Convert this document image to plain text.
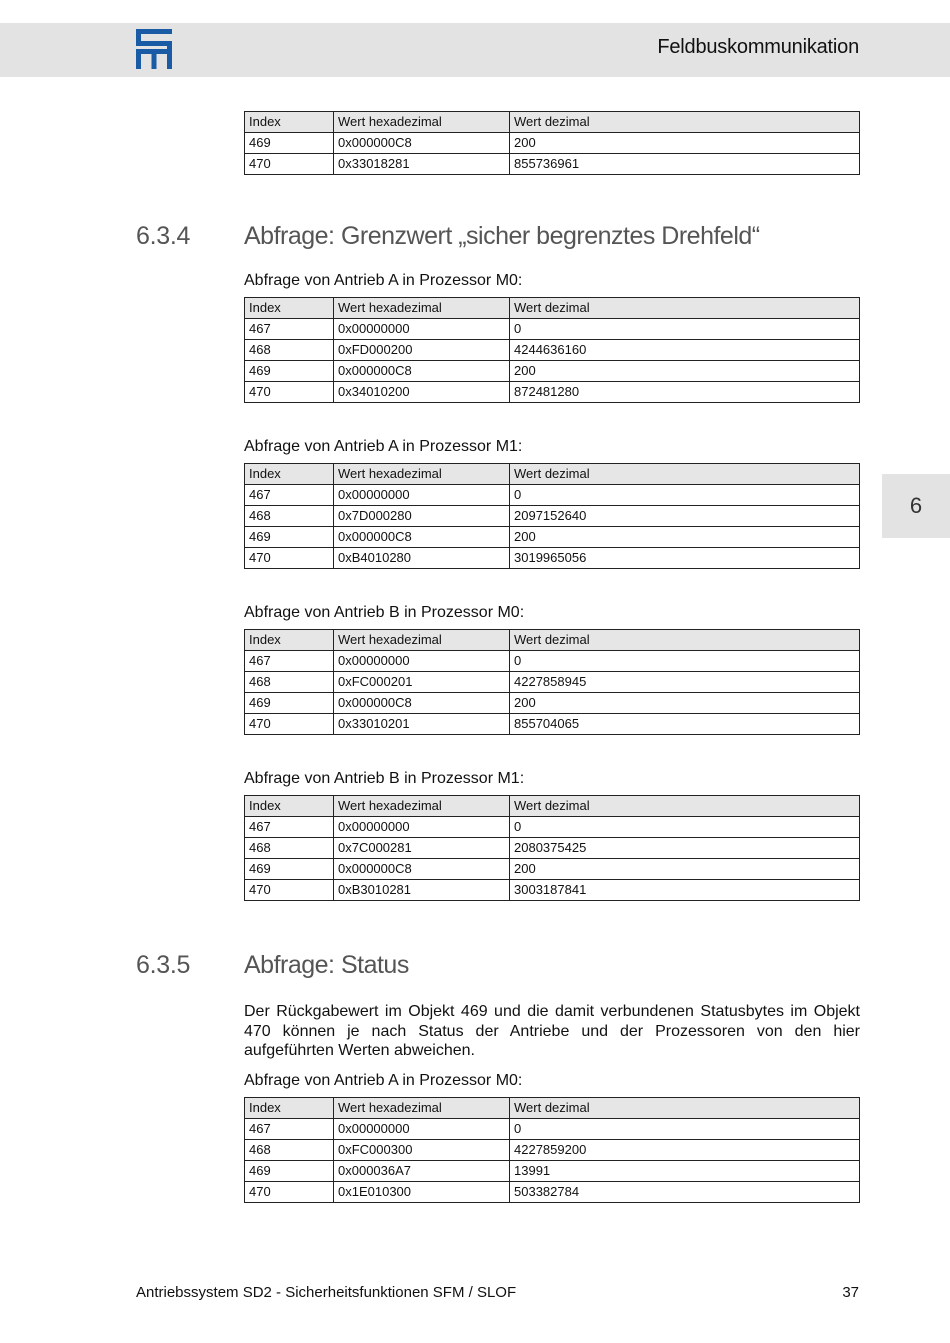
Feldbuskommunikation
6
Index	Wert hexadezimal	Wert dezimal
469	0x000000C8	200
470	0x33018281	855736961
6.3.4 Abfrage: Grenzwert „sicher begrenztes Drehfeld“
Abfrage von Antrieb A in Prozessor M0:
Index	Wert hexadezimal	Wert dezimal
467	0x00000000	0
468	0xFD000200	4244636160
469	0x000000C8	200
470	0x34010200	872481280
Abfrage von Antrieb A in Prozessor M1:
Index	Wert hexadezimal	Wert dezimal
467	0x00000000	0
468	0x7D000280	2097152640
469	0x000000C8	200
470	0xB4010280	3019965056
Abfrage von Antrieb B in Prozessor M0:
Index	Wert hexadezimal	Wert dezimal
467	0x00000000	0
468	0xFC000201	4227858945
469	0x000000C8	200
470	0x33010201	855704065
Abfrage von Antrieb B in Prozessor M1:
Index	Wert hexadezimal	Wert dezimal
467	0x00000000	0
468	0x7C000281	2080375425
469	0x000000C8	200
470	0xB3010281	3003187841
6.3.5 Abfrage: Status

Der Rückgabewert im Objekt 469 und die damit verbundenen Statusbytes im Objekt 470 können je nach Status der Antriebe und der Prozessoren von den hier aufgeführten Werten abweichen.

Abfrage von Antrieb A in Prozessor M0:
Index	Wert hexadezimal	Wert dezimal
467	0x00000000	0
468	0xFC000300	4227859200
469	0x000036A7	13991
470	0x1E010300	503382784
Antriebssystem SD2 - Sicherheitsfunktionen SFM / SLOF	37
